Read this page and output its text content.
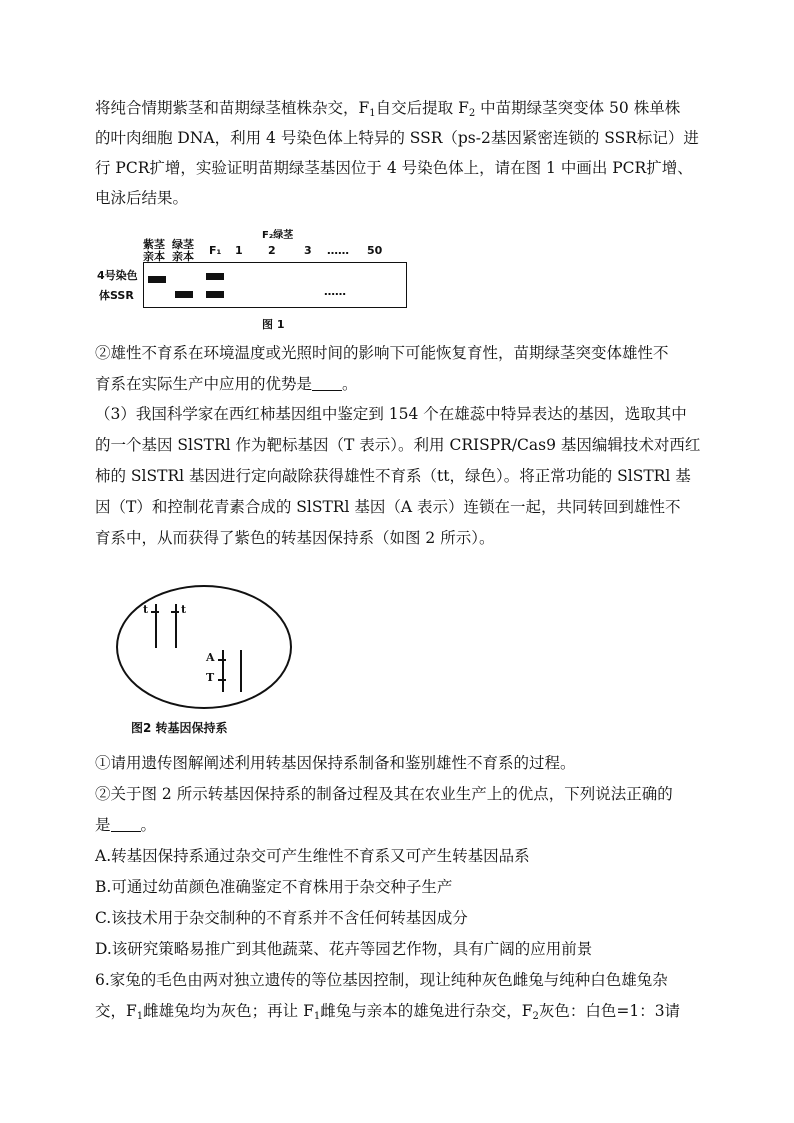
将纯合情期紫茎和苗期绿茎植株杂交，$F_1$自交后提取 $F_2$ 中苗期绿茎突变体 50 株单株
的叶肉细胞 DNA，利用 4 号染色体上特异的 SSR（ps-2基因紧密连锁的 SSR标记）进
行 PCR扩增，实验证明苗期绿茎基因位于 4 号染色体上，请在图 1 中画出 PCR扩增、
电泳后结果。
F₂绿茎
紫茎
亲本
绿茎
亲本 F₁ 1 2	3 …… 50
4号染色
体SSR	……
图 1
②雄性不育系在环境温度或光照时间的影响下可能恢复育性，苗期绿茎突变体雄性不
育系在实际生产中应用的优势是 。
（3）我国科学家在西红柿基因组中鉴定到 154 个在雄蕊中特异表达的基因，选取其中
的一个基因 SlSTRl 作为靶标基因（T 表示）。利用 CRISPR/Cas9 基因编辑技术对西红
柿的 SlSTRl 基因进行定向敲除获得雄性不育系（tt，绿色）。将正常功能的 SlSTRl 基
因（T）和控制花青素合成的 SlSTRl 基因（A 表示）连锁在一起，共同转回到雄性不
育系中，从而获得了紫色的转基因保持系（如图 2 所示）。
t	t
A
T
图2 转基因保持系
①请用遗传图解阐述利用转基因保持系制备和鉴别雄性不育系的过程。
②关于图 2 所示转基因保持系的制备过程及其在农业生产上的优点，下列说法正确的
是 。
A.转基因保持系通过杂交可产生维性不育系又可产生转基因品系
B.可通过幼苗颜色准确鉴定不育株用于杂交种子生产
C.该技术用于杂交制种的不育系并不含任何转基因成分
D.该研究策略易推广到其他蔬菜、花卉等园艺作物，具有广阔的应用前景
6.家兔的毛色由两对独立遗传的等位基因控制，现让纯种灰色雌兔与纯种白色雄兔杂
交，$F_1$雌雄兔均为灰色；再让 $F_1$雌兔与亲本的雄兔进行杂交，$F_2$灰色：白色=1：3请
